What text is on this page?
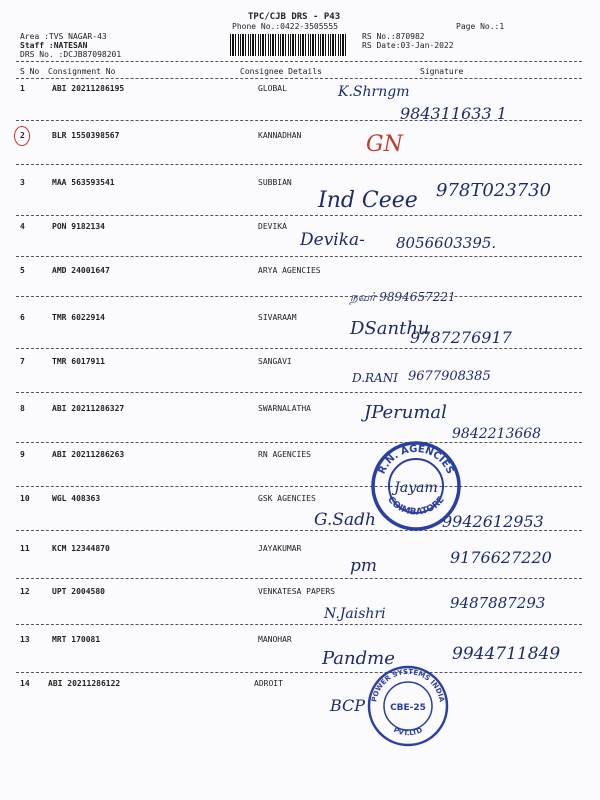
TPC/CJB DRS - P43
Phone No.:0422-3505555	Page No.:1
Area :TVS NAGAR-43
Staff :NATESAN
DRS No. :DCJB87098201
RS No.:870982
RS Date:03-Jan-2022
S No Consignment No	Consignee Details	Signature
1	ABI 20211286195	GLOBAL	K.Shrngm
984311633 1
2	BLR 1550398567	KANNADHAN	GN
3	MAA 563593541	SUBBIAN
Ind Ceee 978T023730
4	PON 9182134	DEVIKA
Devika- 8056603395.
5	AMD 24001647	ARYA AGENCIES
நவர் 9894657221
6	TMR 6022914	SIVARAAM
DSanthu
9787276917
7	TMR 6017911	SANGAVI
D.RANI 9677908385
8	ABI 20211286327	SWARNALATHA	JPerumal
9842213668
9	ABI 20211286263	RN AGENCIES
10	WGL 408363	GSK AGENCIES
G.Sadh	9942612953
11	KCM 12344870	JAYAKUMAR
pm	9176627220
12	UPT 2004580	VENKATESA PAPERS
N.Jaishri
9487887293
13	MRT 170081	MANOHAR
Pandme	9944711849
14 ABI 20211286122	ADROIT
BCP
R.N. AGENCIES
COIMBATORE
Jayam
POWER SYSTEMS INDIA
PVT.LTD
CBE-25
